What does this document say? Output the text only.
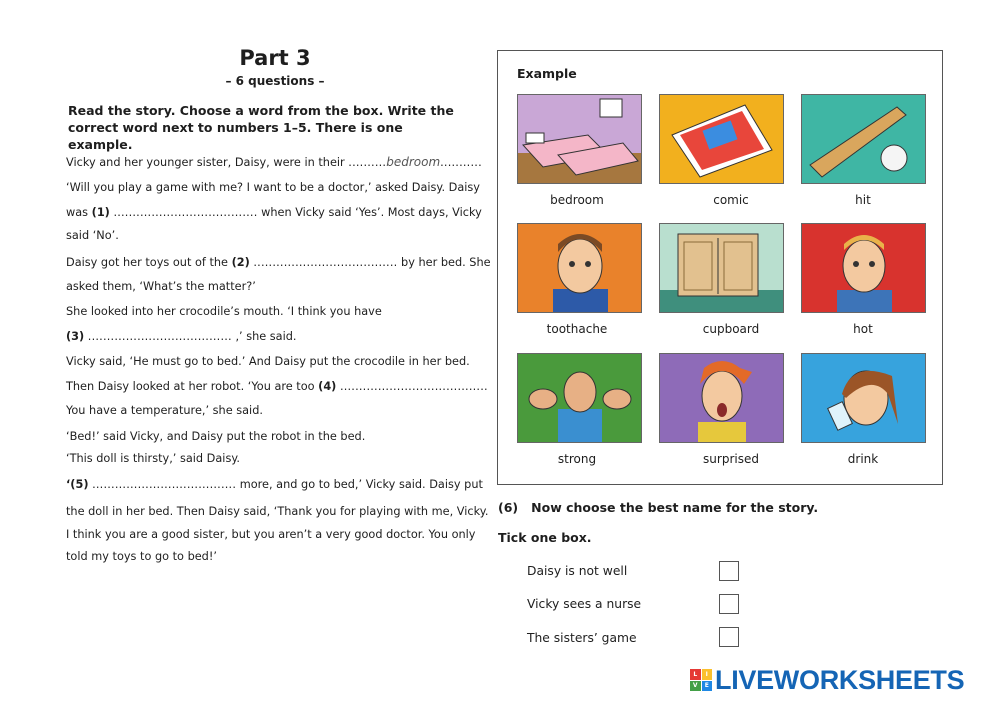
Part 3
– 6 questions –
Read the story. Choose a word from the box. Write the correct word next to numbers 1–5. There is one example.
Vicky and her younger sister, Daisy, were in their ..........bedroom...........
‘Will you play a game with me? I want to be a doctor,’ asked Daisy. Daisy
was (1) ...................................... when Vicky said ‘Yes’. Most days, Vicky
said ‘No’.
Daisy got her toys out of the (2) ...................................... by her bed. She
asked them, ‘What’s the matter?’
She looked into her crocodile’s mouth. ‘I think you have
(3) ...................................... ,’ she said.
Vicky said, ‘He must go to bed.’ And Daisy put the crocodile in her bed.
Then Daisy looked at her robot. ‘You are too (4) .......................................
You have a temperature,’ she said.
‘Bed!’ said Vicky, and Daisy put the robot in the bed.
‘This doll is thirsty,’ said Daisy.
‘(5) ...................................... more, and go to bed,’ Vicky said. Daisy put
the doll in her bed. Then Daisy said, ‘Thank you for playing with me, Vicky.
I think you are a good sister, but you aren’t a very good doctor. You only
told my toys to go to bed!’
Example
bedroom	comic	hit
toothache	cupboard	hot
strong	surprised	drink
(6)   Now choose the best name for the story.
Tick one box.
Daisy is not well
Vicky sees a nurse
The sisters’ game
L	I
V	E LIVEWORKSHEETS
